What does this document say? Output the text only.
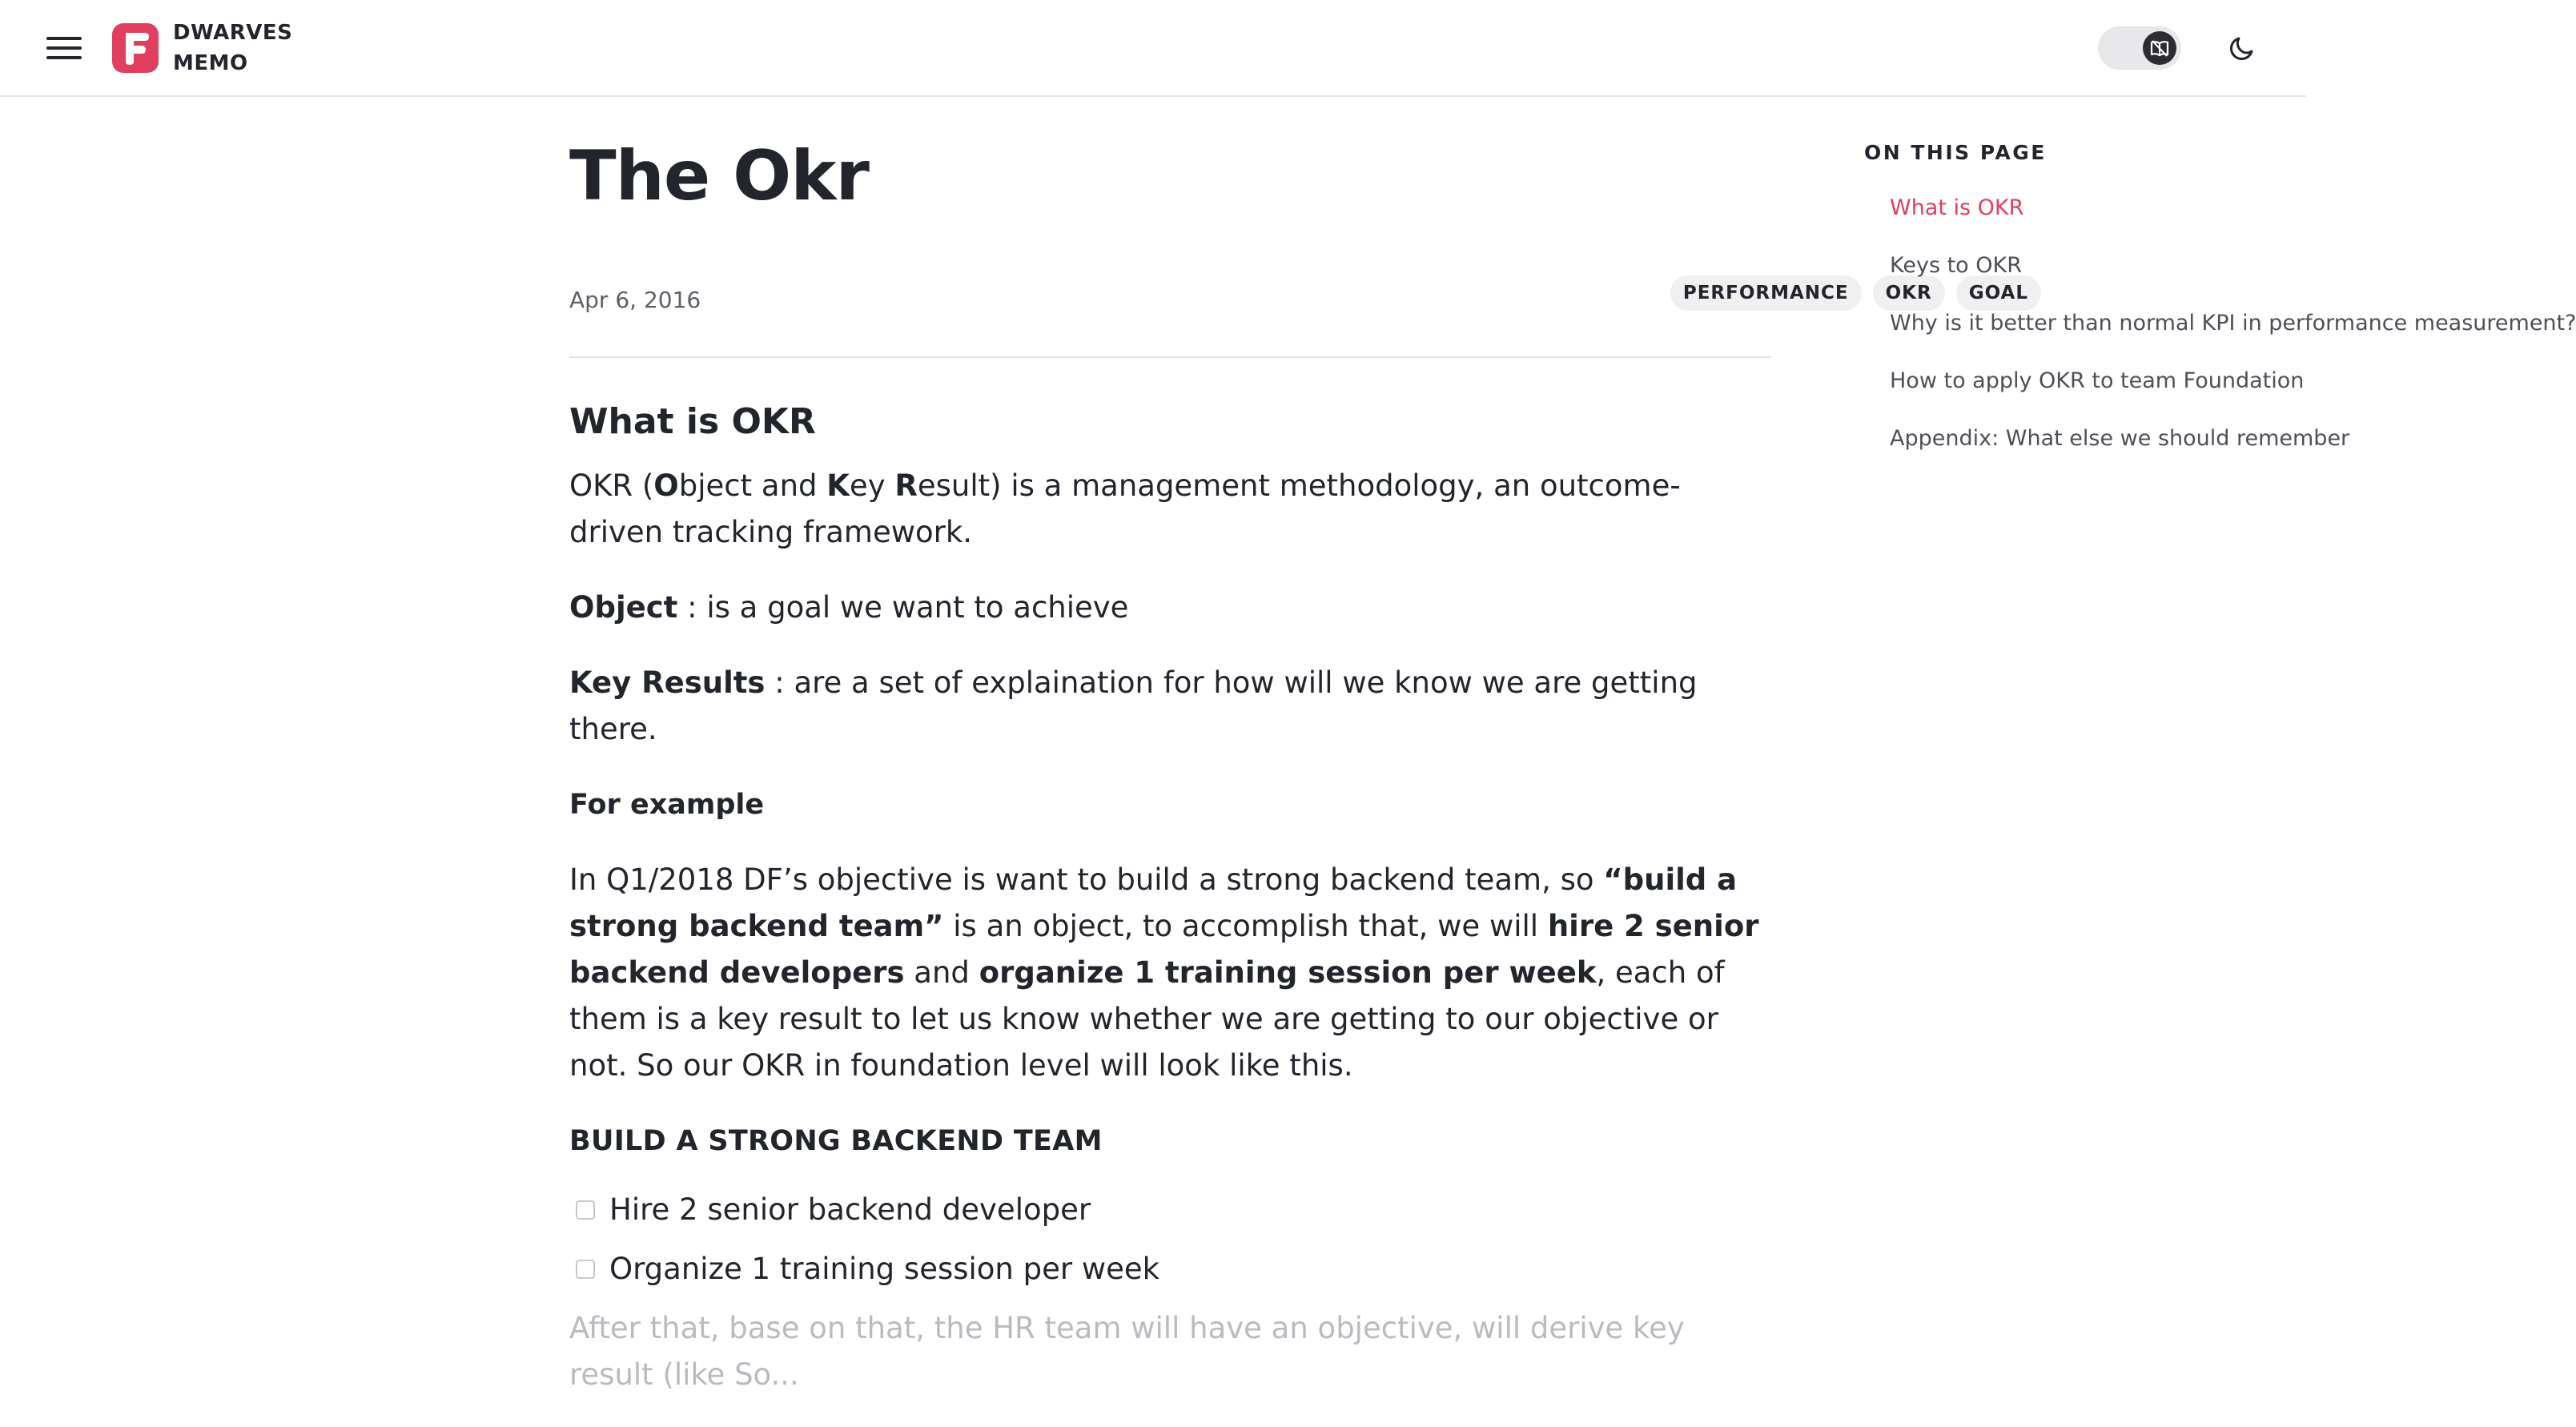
DWARVES
MEMO
The Okr
Apr 6, 2016	PERFORMANCE	OKR	GOAL
What is OKR

OKR (Object and Key Result) is a management methodology, an outcome-driven tracking framework.

Object : is a goal we want to achieve

Key Results : are a set of explaination for how will we know we are getting there.

For example

In Q1/2018 DF’s objective is want to build a strong backend team, so “build a strong backend team” is an object, to accomplish that, we will hire 2 senior backend developers and organize 1 training session per week, each of them is a key result to let us know whether we are getting to our objective or not. So our OKR in foundation level will look like this.

BUILD A STRONG BACKEND TEAM
Hire 2 senior backend developer
Organize 1 training session per week

After that, base on that, the HR team will have an objective, will derive key result (like So...

ON THIS PAGE
What is OKR
Keys to OKR
Why is it better than normal KPI in performance measurement?
How to apply OKR to team Foundation
Appendix: What else we should remember
